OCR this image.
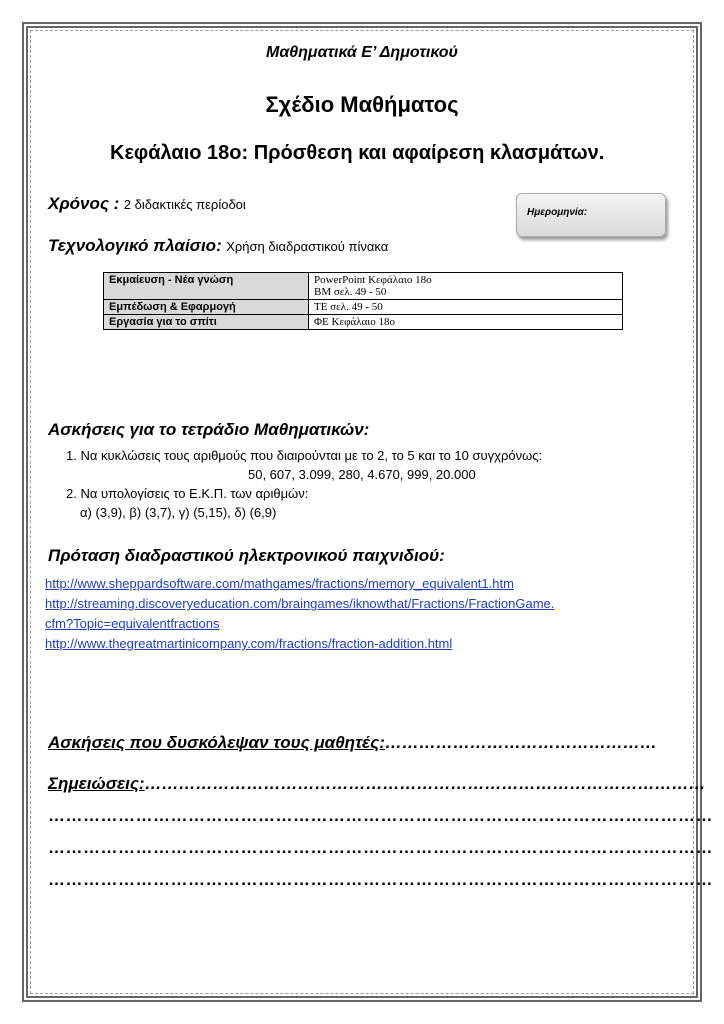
Μαθηματικά Ε’ Δημοτικού
Σχέδιο Μαθήματος
Κεφάλαιο 18ο: Πρόσθεση και αφαίρεση κλασμάτων.
Χρόνος : 2 διδακτικές περίοδοι
Ημερομηνία:
Τεχνολογικό πλαίσιο: Χρήση διαδραστικού πίνακα
Εκμαίευση - Νέα γνώση	PowerPoint Κεφάλαιο 18ο
ΒΜ σελ. 49 - 50

Εμπέδωση & Εφαρμογή	ΤΕ σελ. 49 - 50
Εργασία για το σπίτι	ΦΕ Κεφάλαιο 18ο
Ασκήσεις για το τετράδιο Μαθηματικών:
1. Να κυκλώσεις τους αριθμούς που διαιρούνται με το 2, το 5 και το 10 συγχρόνως:
50, 607, 3.099, 280, 4.670, 999, 20.000
2. Να υπολογίσεις το Ε.Κ.Π. των αριθμών:
α) (3,9), β) (3,7), γ) (5,15), δ) (6,9)
Πρόταση διαδραστικού ηλεκτρονικού παιχνιδιού:
http://www.sheppardsoftware.com/mathgames/fractions/memory_equivalent1.htm
http://streaming.discoveryeducation.com/braingames/iknowthat/Fractions/FractionGame.
cfm?Topic=equivalentfractions
http://www.thegreatmartinicompany.com/fractions/fraction-addition.html
Ασκήσεις που δυσκόλεψαν τους μαθητές:…………………………………………
Σημειώσεις:………………………………………………………………………………………
……………………………………………………………………………………………………
……………………………………………………………………………………………………
……………………………………………………………………………………………………
